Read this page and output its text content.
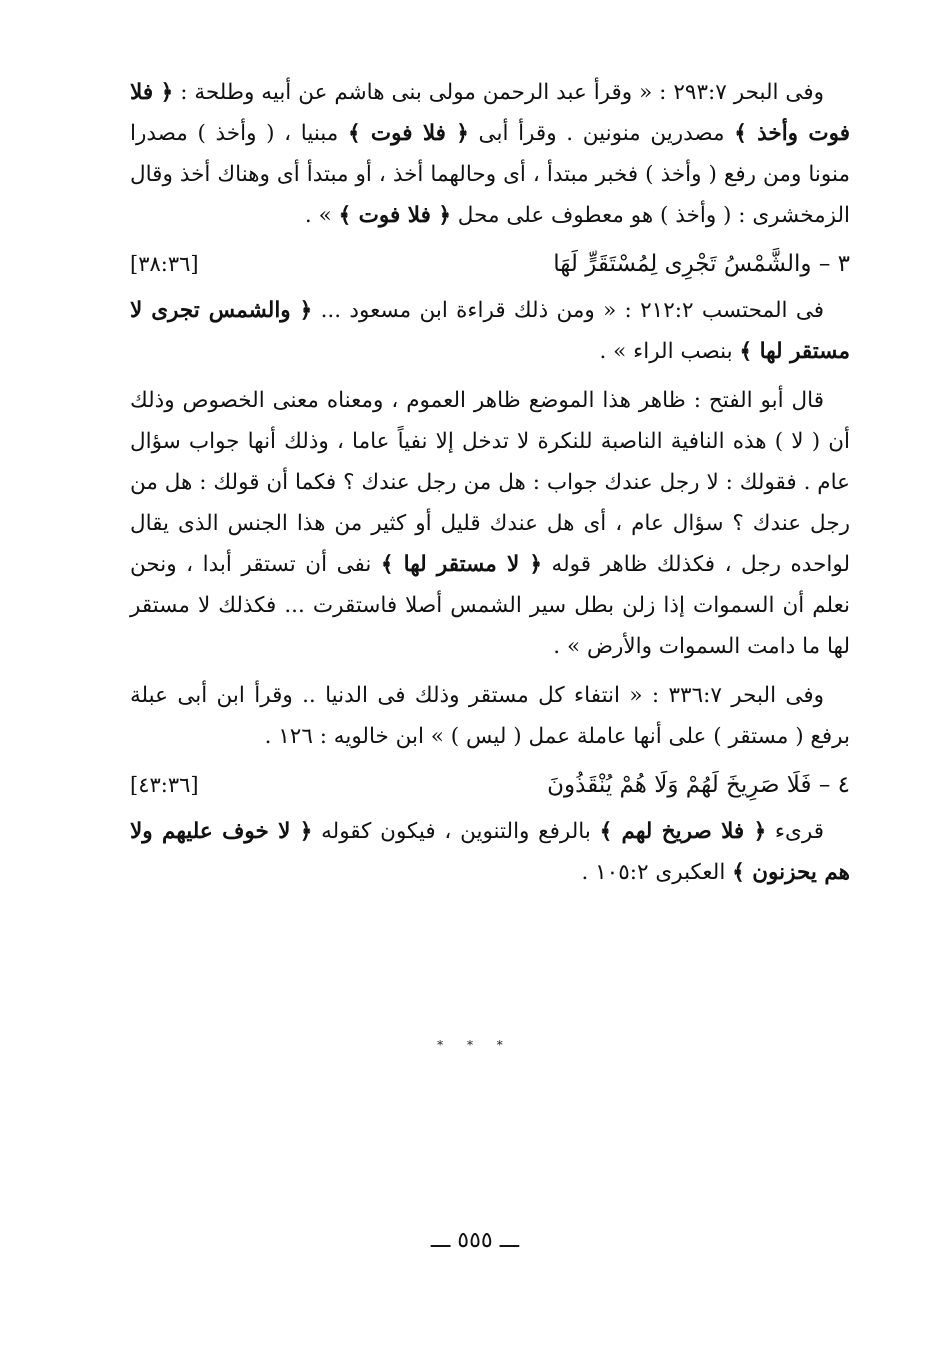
وفى البحر ٢٩٣:٧ : « وقرأ عبد الرحمن مولى بنى هاشم عن أبيه وطلحة : ﴿ فلا فوت وأخذ ﴾ مصدرين منونين . وقرأ أبى ﴿ فلا فوت ﴾ مبنيا ، ( وأخذ ) مصدرا منونا ومن رفع ( وأخذ ) فخبر مبتدأ ، أى وحالهما أخذ ، أو مبتدأ أى وهناك أخذ وقال الزمخشرى : ( وأخذ ) هو معطوف على محل ﴿ فلا فوت ﴾ » .

٣ – والشَّمْسُ تَجْرِى لِمُسْتَقَرٍّ لَهَا
[٣٨:٣٦]

فى المحتسب ٢١٢:٢ : « ومن ذلك قراءة ابن مسعود ... ﴿ والشمس تجرى لا مستقر لها ﴾ بنصب الراء » .

قال أبو الفتح : ظاهر هذا الموضع ظاهر العموم ، ومعناه معنى الخصوص وذلك أن ( لا ) هذه النافية الناصبة للنكرة لا تدخل إلا نفياً عاما ، وذلك أنها جواب سؤال عام . فقولك : لا رجل عندك جواب : هل من رجل عندك ؟ فكما أن قولك : هل من رجل عندك ؟ سؤال عام ، أى هل عندك قليل أو كثير من هذا الجنس الذى يقال لواحده رجل ، فكذلك ظاهر قوله ﴿ لا مستقر لها ﴾ نفى أن تستقر أبدا ، ونحن نعلم أن السموات إذا زلن بطل سير الشمس أصلا فاستقرت ... فكذلك لا مستقر لها ما دامت السموات والأرض » .

وفى البحر ٣٣٦:٧ : « انتفاء كل مستقر وذلك فى الدنيا .. وقرأ ابن أبى عبلة برفع ( مستقر ) على أنها عاملة عمل ( ليس ) » ابن خالويه : ١٢٦ .

٤ – فَلَا صَرِيخَ لَهُمْ وَلَا هُمْ يُنْقَذُونَ
[٤٣:٣٦]

قرىء ﴿ فلا صريخ لهم ﴾ بالرفع والتنوين ، فيكون كقوله ﴿ لا خوف عليهم ولا هم يحزنون ﴾ العكبرى ١٠٥:٢ .

* * *
ـــ ٥٥٥ ـــ
